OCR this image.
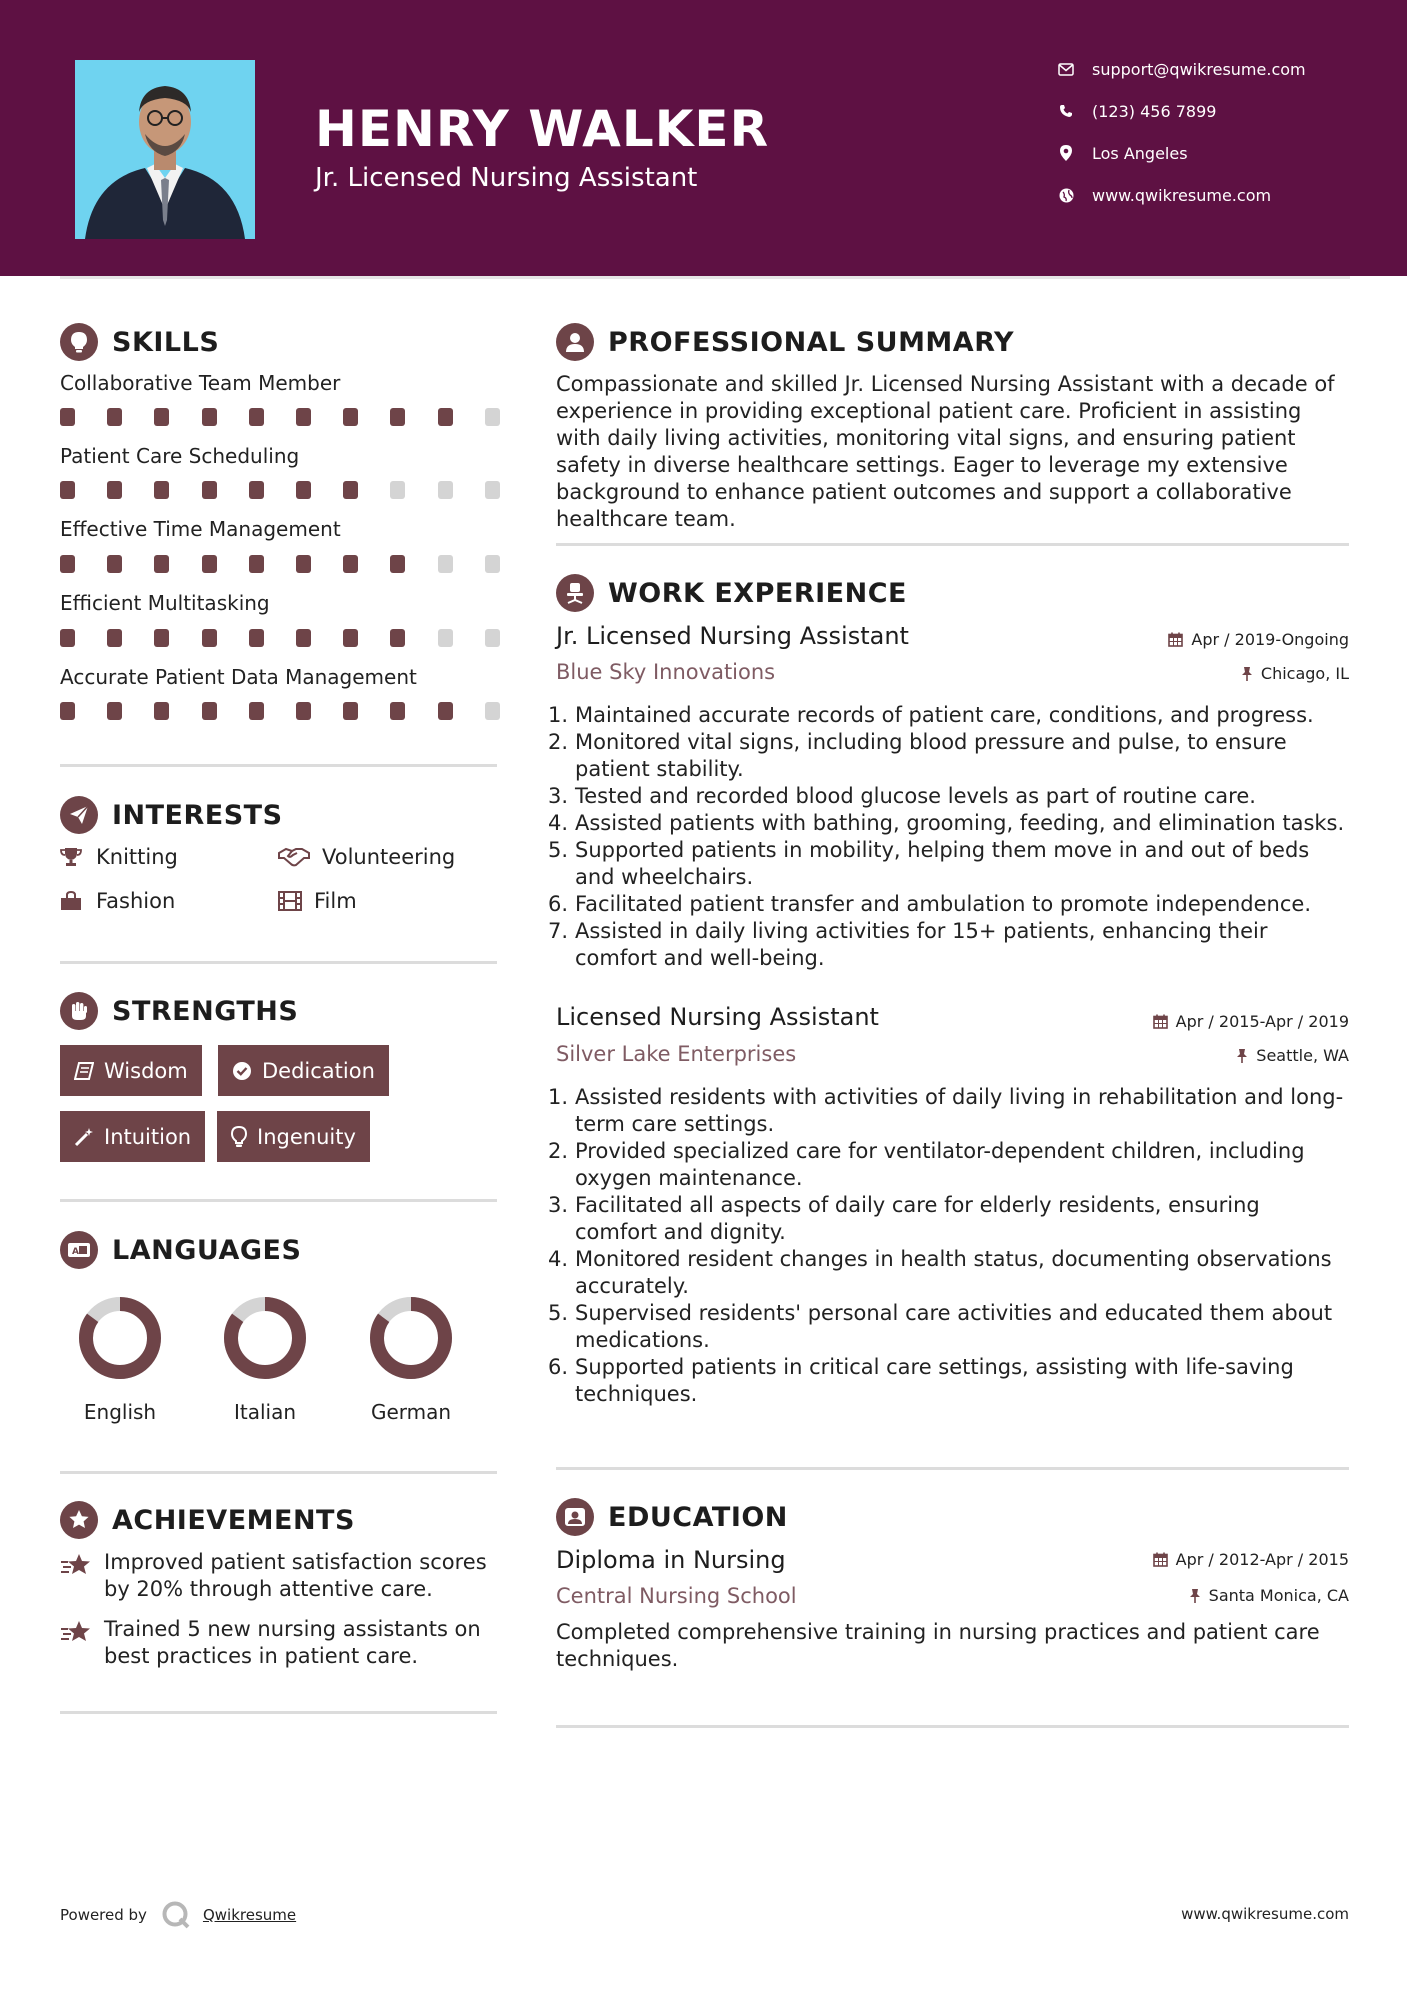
HENRY WALKER
Jr. Licensed Nursing Assistant
support@qwikresume.com
(123) 456 7899
Los Angeles
www.qwikresume.com
SKILLS
Collaborative Team Member
Patient Care Scheduling
Effective Time Management
Efficient Multitasking
Accurate Patient Data Management
INTERESTS
Knitting	Volunteering
Fashion	Film
STRENGTHS
Wisdom	Dedication
Intuition	Ingenuity
A LANGUAGES
English	Italian	German
ACHIEVEMENTS
Improved patient satisfaction scores by 20% through attentive care.
Trained 5 new nursing assistants on best practices in patient care.
PROFESSIONAL SUMMARY
Compassionate and skilled Jr. Licensed Nursing Assistant with a decade of experience in providing exceptional patient care. Proficient in assisting with daily living activities, monitoring vital signs, and ensuring patient safety in diverse healthcare settings. Eager to leverage my extensive background to enhance patient outcomes and support a collaborative healthcare team.
WORK EXPERIENCE
Jr. Licensed Nursing Assistant	Apr / 2019-Ongoing
Blue Sky Innovations	Chicago, IL
1. Maintained accurate records of patient care, conditions, and progress.
2. Monitored vital signs, including blood pressure and pulse, to ensure patient stability.
3. Tested and recorded blood glucose levels as part of routine care.
4. Assisted patients with bathing, grooming, feeding, and elimination tasks.
5. Supported patients in mobility, helping them move in and out of beds and wheelchairs.
6. Facilitated patient transfer and ambulation to promote independence.
7. Assisted in daily living activities for 15+ patients, enhancing their comfort and well-being.
Licensed Nursing Assistant	Apr / 2015-Apr / 2019
Silver Lake Enterprises	Seattle, WA
1. Assisted residents with activities of daily living in rehabilitation and long-term care settings.
2. Provided specialized care for ventilator-dependent children, including oxygen maintenance.
3. Facilitated all aspects of daily care for elderly residents, ensuring comfort and dignity.
4. Monitored resident changes in health status, documenting observations accurately.
5. Supervised residents' personal care activities and educated them about medications.
6. Supported patients in critical care settings, assisting with life-saving techniques.
EDUCATION
Diploma in Nursing	Apr / 2012-Apr / 2015
Central Nursing School	Santa Monica, CA
Completed comprehensive training in nursing practices and patient care techniques.
Powered by	Qwikresume	www.qwikresume.com
